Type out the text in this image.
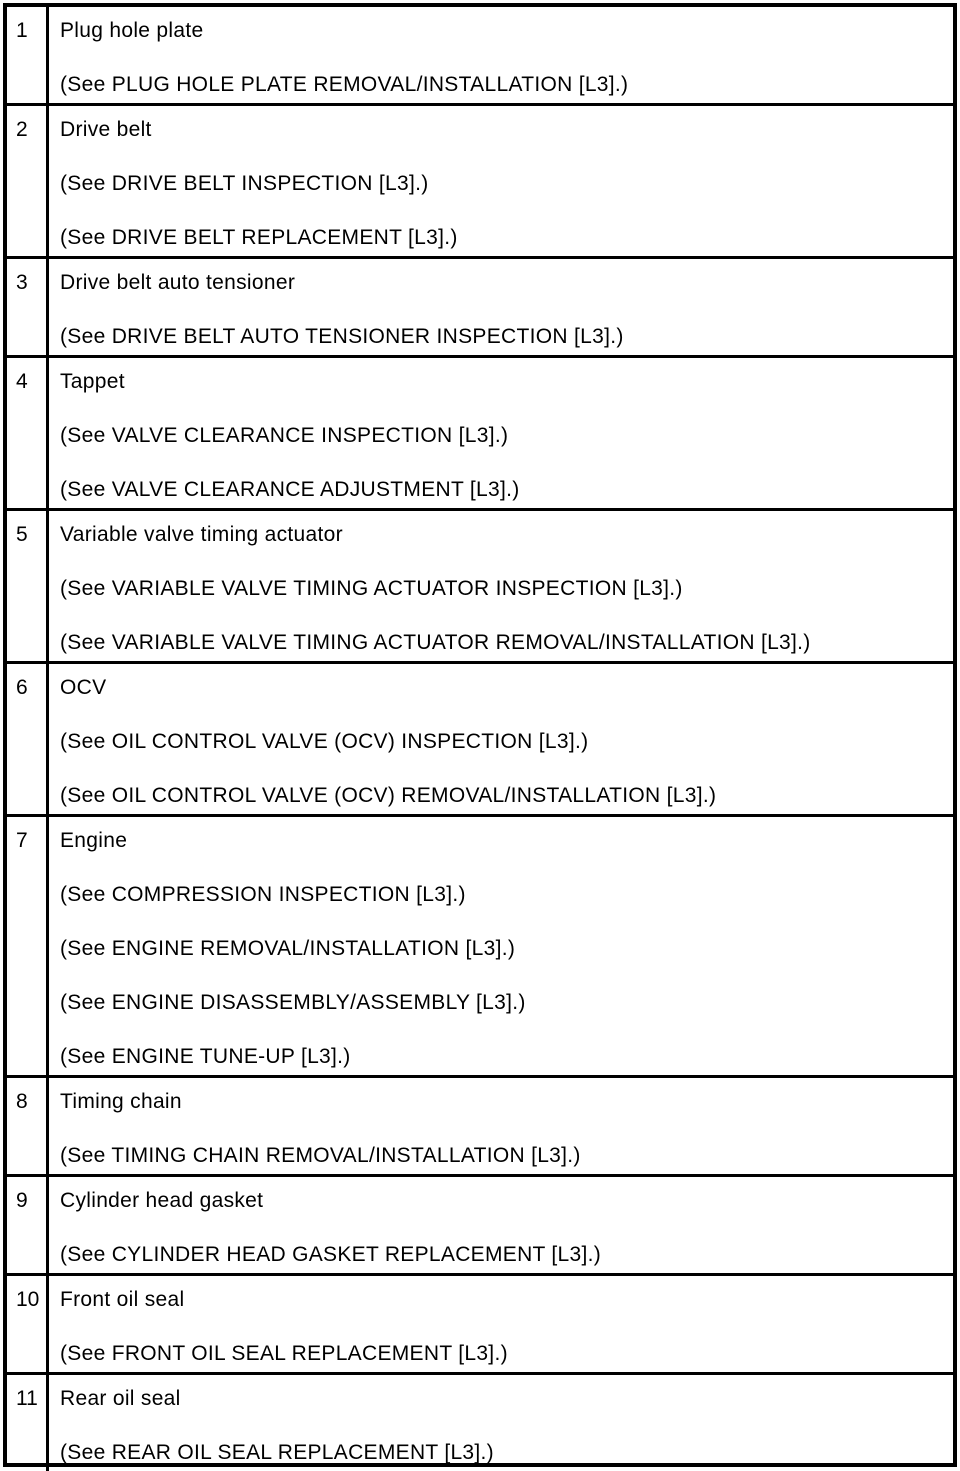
1	Plug hole plate

(See PLUG HOLE PLATE REMOVAL/INSTALLATION [L3].)

2	Drive belt

(See DRIVE BELT INSPECTION [L3].)

(See DRIVE BELT REPLACEMENT [L3].)

3	Drive belt auto tensioner

(See DRIVE BELT AUTO TENSIONER INSPECTION [L3].)

4	Tappet

(See VALVE CLEARANCE INSPECTION [L3].)

(See VALVE CLEARANCE ADJUSTMENT [L3].)

5	Variable valve timing actuator

(See VARIABLE VALVE TIMING ACTUATOR INSPECTION [L3].)

(See VARIABLE VALVE TIMING ACTUATOR REMOVAL/INSTALLATION [L3].)

6	OCV

(See OIL CONTROL VALVE (OCV) INSPECTION [L3].)

(See OIL CONTROL VALVE (OCV) REMOVAL/INSTALLATION [L3].)

7	Engine

(See COMPRESSION INSPECTION [L3].)

(See ENGINE REMOVAL/INSTALLATION [L3].)

(See ENGINE DISASSEMBLY/ASSEMBLY [L3].)

(See ENGINE TUNE-UP [L3].)

8	Timing chain

(See TIMING CHAIN REMOVAL/INSTALLATION [L3].)

9	Cylinder head gasket

(See CYLINDER HEAD GASKET REPLACEMENT [L3].)

10 Front oil seal

(See FRONT OIL SEAL REPLACEMENT [L3].)

11	Rear oil seal

(See REAR OIL SEAL REPLACEMENT [L3].)
